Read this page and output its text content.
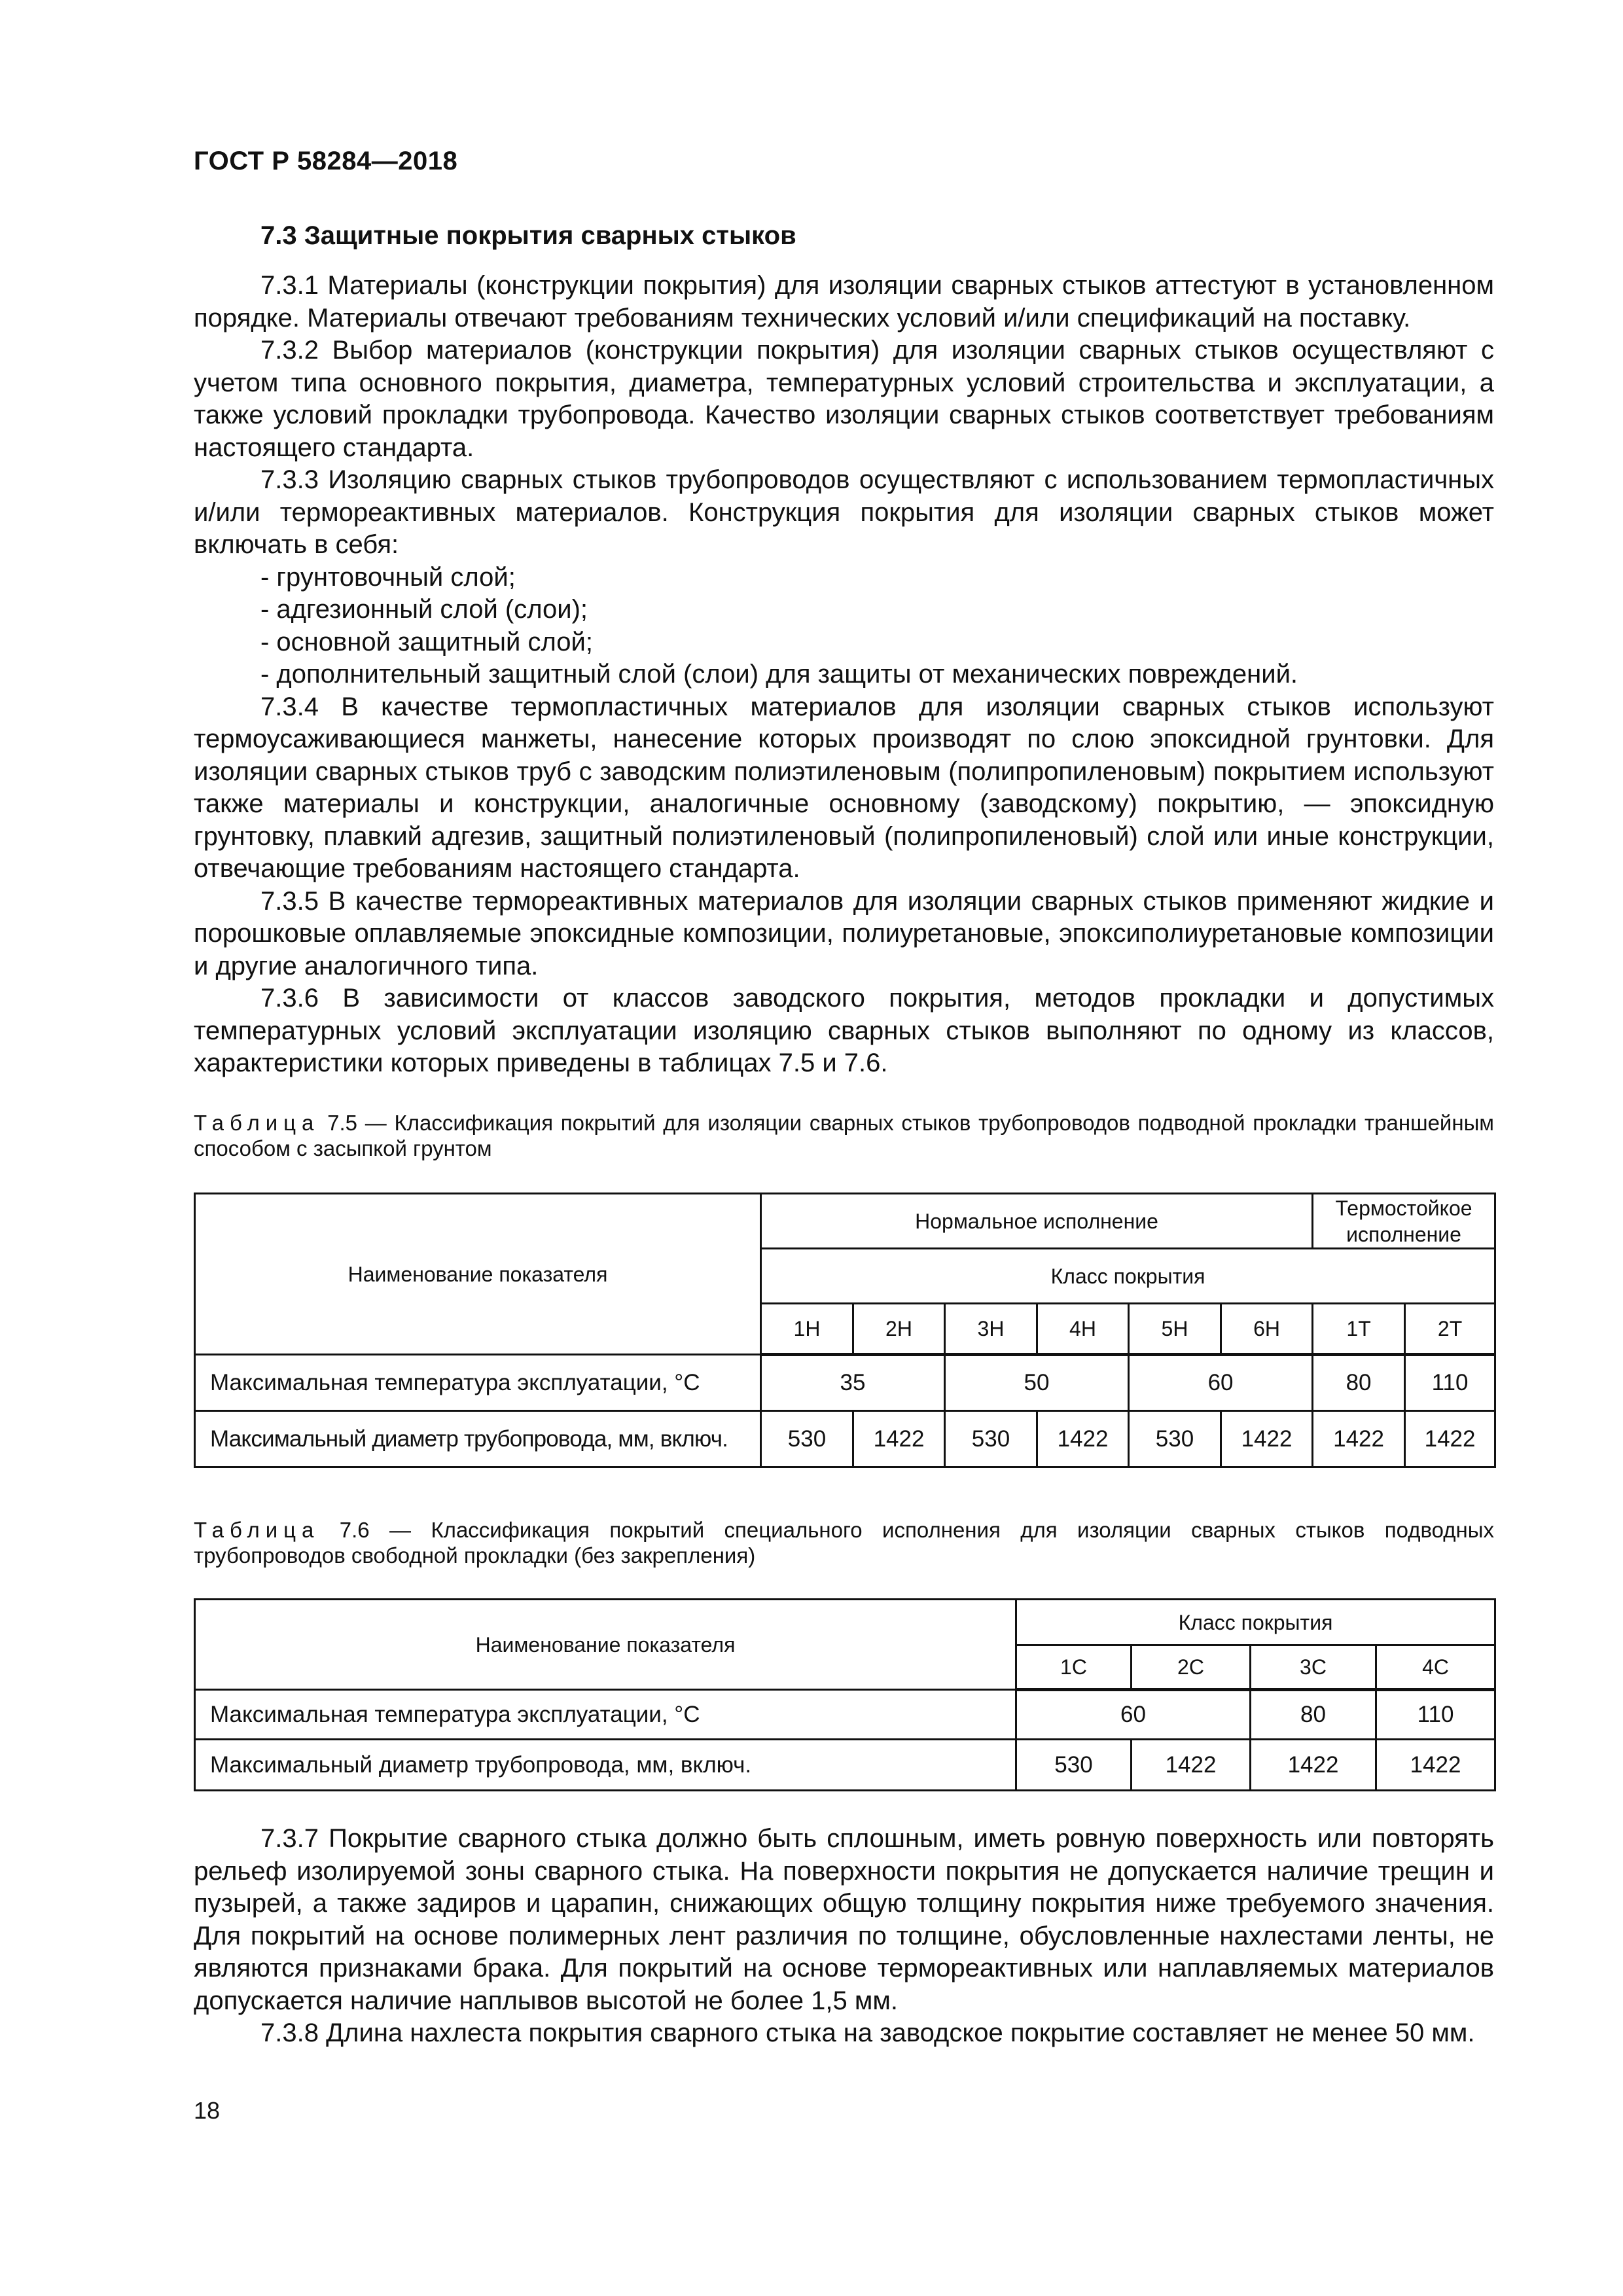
ГОСТ Р 58284—2018
7.3 Защитные покрытия сварных стыков

7.3.1 Материалы (конструкции покрытия) для изоляции сварных стыков аттестуют в установленном порядке. Материалы отвечают требованиям технических условий и/или спецификаций на поставку.

7.3.2 Выбор материалов (конструкции покрытия) для изоляции сварных стыков осуществляют с учетом типа основного покрытия, диаметра, температурных условий строительства и эксплуатации, а также условий прокладки трубопровода. Качество изоляции сварных стыков соответствует требованиям настоящего стандарта.

7.3.3 Изоляцию сварных стыков трубопроводов осуществляют с использованием термопластичных и/или термореактивных материалов. Конструкция покрытия для изоляции сварных стыков может включать в себя:

- грунтовочный слой;

- адгезионный слой (слои);

- основной защитный слой;

- дополнительный защитный слой (слои) для защиты от механических повреждений.

7.3.4 В качестве термопластичных материалов для изоляции сварных стыков используют термоусаживающиеся манжеты, нанесение которых производят по слою эпоксидной грунтовки. Для изоляции сварных стыков труб с заводским полиэтиленовым (полипропиленовым) покрытием используют также материалы и конструкции, аналогичные основному (заводскому) покрытию, — эпоксидную грунтовку, плавкий адгезив, защитный полиэтиленовый (полипропиленовый) слой или иные конструкции, отвечающие требованиям настоящего стандарта.

7.3.5 В качестве термореактивных материалов для изоляции сварных стыков применяют жидкие и порошковые оплавляемые эпоксидные композиции, полиуретановые, эпоксиполиуретановые композиции и другие аналогичного типа.

7.3.6 В зависимости от классов заводского покрытия, методов прокладки и допустимых температурных условий эксплуатации изоляцию сварных стыков выполняют по одному из классов, характеристики которых приведены в таблицах 7.5 и 7.6.

Таблица 7.5 — Классификация покрытий для изоляции сварных стыков трубопроводов подводной прокладки траншейным способом с засыпкой грунтом
Наименование показателя	Нормальное исполнение						Термостойкое исполнение	
	Класс покрытия							
	1Н	2Н	3Н	4Н	5Н	6Н	1Т	2Т
Максимальная температура эксплуатации, °С	35		50		60		80	110
Максимальный диаметр трубопровода, мм, включ.	530	1422	530	1422	530	1422	1422	1422
Таблица 7.6 — Классификация покрытий специального исполнения для изоляции сварных стыков подводных трубопроводов свободной прокладки (без закрепления)
Наименование показателя	Класс покрытия			
	1С	2С	3С	4С
Максимальная температура эксплуатации, °С	60		80	110
Максимальный диаметр трубопровода, мм, включ.	530	1422	1422	1422

7.3.7 Покрытие сварного стыка должно быть сплошным, иметь ровную поверхность или повторять рельеф изолируемой зоны сварного стыка. На поверхности покрытия не допускается наличие трещин и пузырей, а также задиров и царапин, снижающих общую толщину покрытия ниже требуемого значения. Для покрытий на основе полимерных лент различия по толщине, обусловленные нахлестами ленты, не являются признаками брака. Для покрытий на основе термореактивных или наплавляемых материалов допускается наличие наплывов высотой не более 1,5 мм.

7.3.8 Длина нахлеста покрытия сварного стыка на заводское покрытие составляет не менее 50 мм.

18
